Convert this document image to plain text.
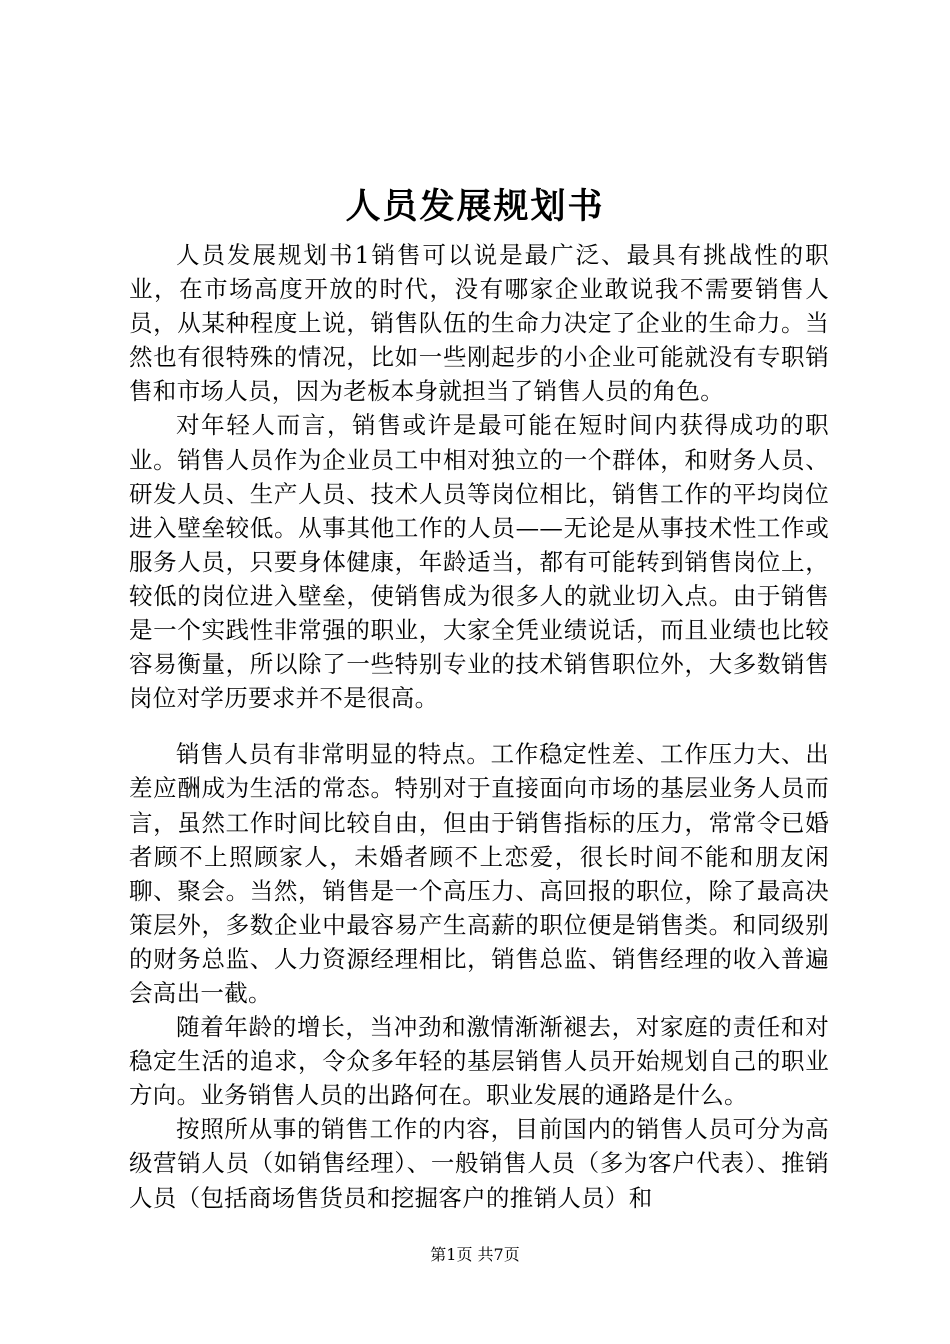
人员发展规划书

人员发展规划书1销售可以说是最广泛、最具有挑战性的职业，在市场高度开放的时代，没有哪家企业敢说我不需要销售人员，从某种程度上说，销售队伍的生命力决定了企业的生命力。当然也有很特殊的情况，比如一些刚起步的小企业可能就没有专职销售和市场人员，因为老板本身就担当了销售人员的角色。

对年轻人而言，销售或许是最可能在短时间内获得成功的职业。销售人员作为企业员工中相对独立的一个群体，和财务人员、研发人员、生产人员、技术人员等岗位相比，销售工作的平均岗位进入壁垒较低。从事其他工作的人员——无论是从事技术性工作或服务人员，只要身体健康，年龄适当，都有可能转到销售岗位上，较低的岗位进入壁垒，使销售成为很多人的就业切入点。由于销售是一个实践性非常强的职业，大家全凭业绩说话，而且业绩也比较容易衡量，所以除了一些特别专业的技术销售职位外，大多数销售岗位对学历要求并不是很高。

销售人员有非常明显的特点。工作稳定性差、工作压力大、出差应酬成为生活的常态。特别对于直接面向市场的基层业务人员而言，虽然工作时间比较自由，但由于销售指标的压力，常常令已婚者顾不上照顾家人，未婚者顾不上恋爱，很长时间不能和朋友闲聊、聚会。当然，销售是一个高压力、高回报的职位，除了最高决策层外，多数企业中最容易产生高薪的职位便是销售类。和同级别的财务总监、人力资源经理相比，销售总监、销售经理的收入普遍会高出一截。

随着年龄的增长，当冲劲和激情渐渐褪去，对家庭的责任和对稳定生活的追求，令众多年轻的基层销售人员开始规划自己的职业方向。业务销售人员的出路何在。职业发展的通路是什么。

按照所从事的销售工作的内容，目前国内的销售人员可分为高级营销人员（如销售经理）、一般销售人员（多为客户代表）、推销人员（包括商场售货员和挖掘客户的推销人员）和

第1页 共7页
